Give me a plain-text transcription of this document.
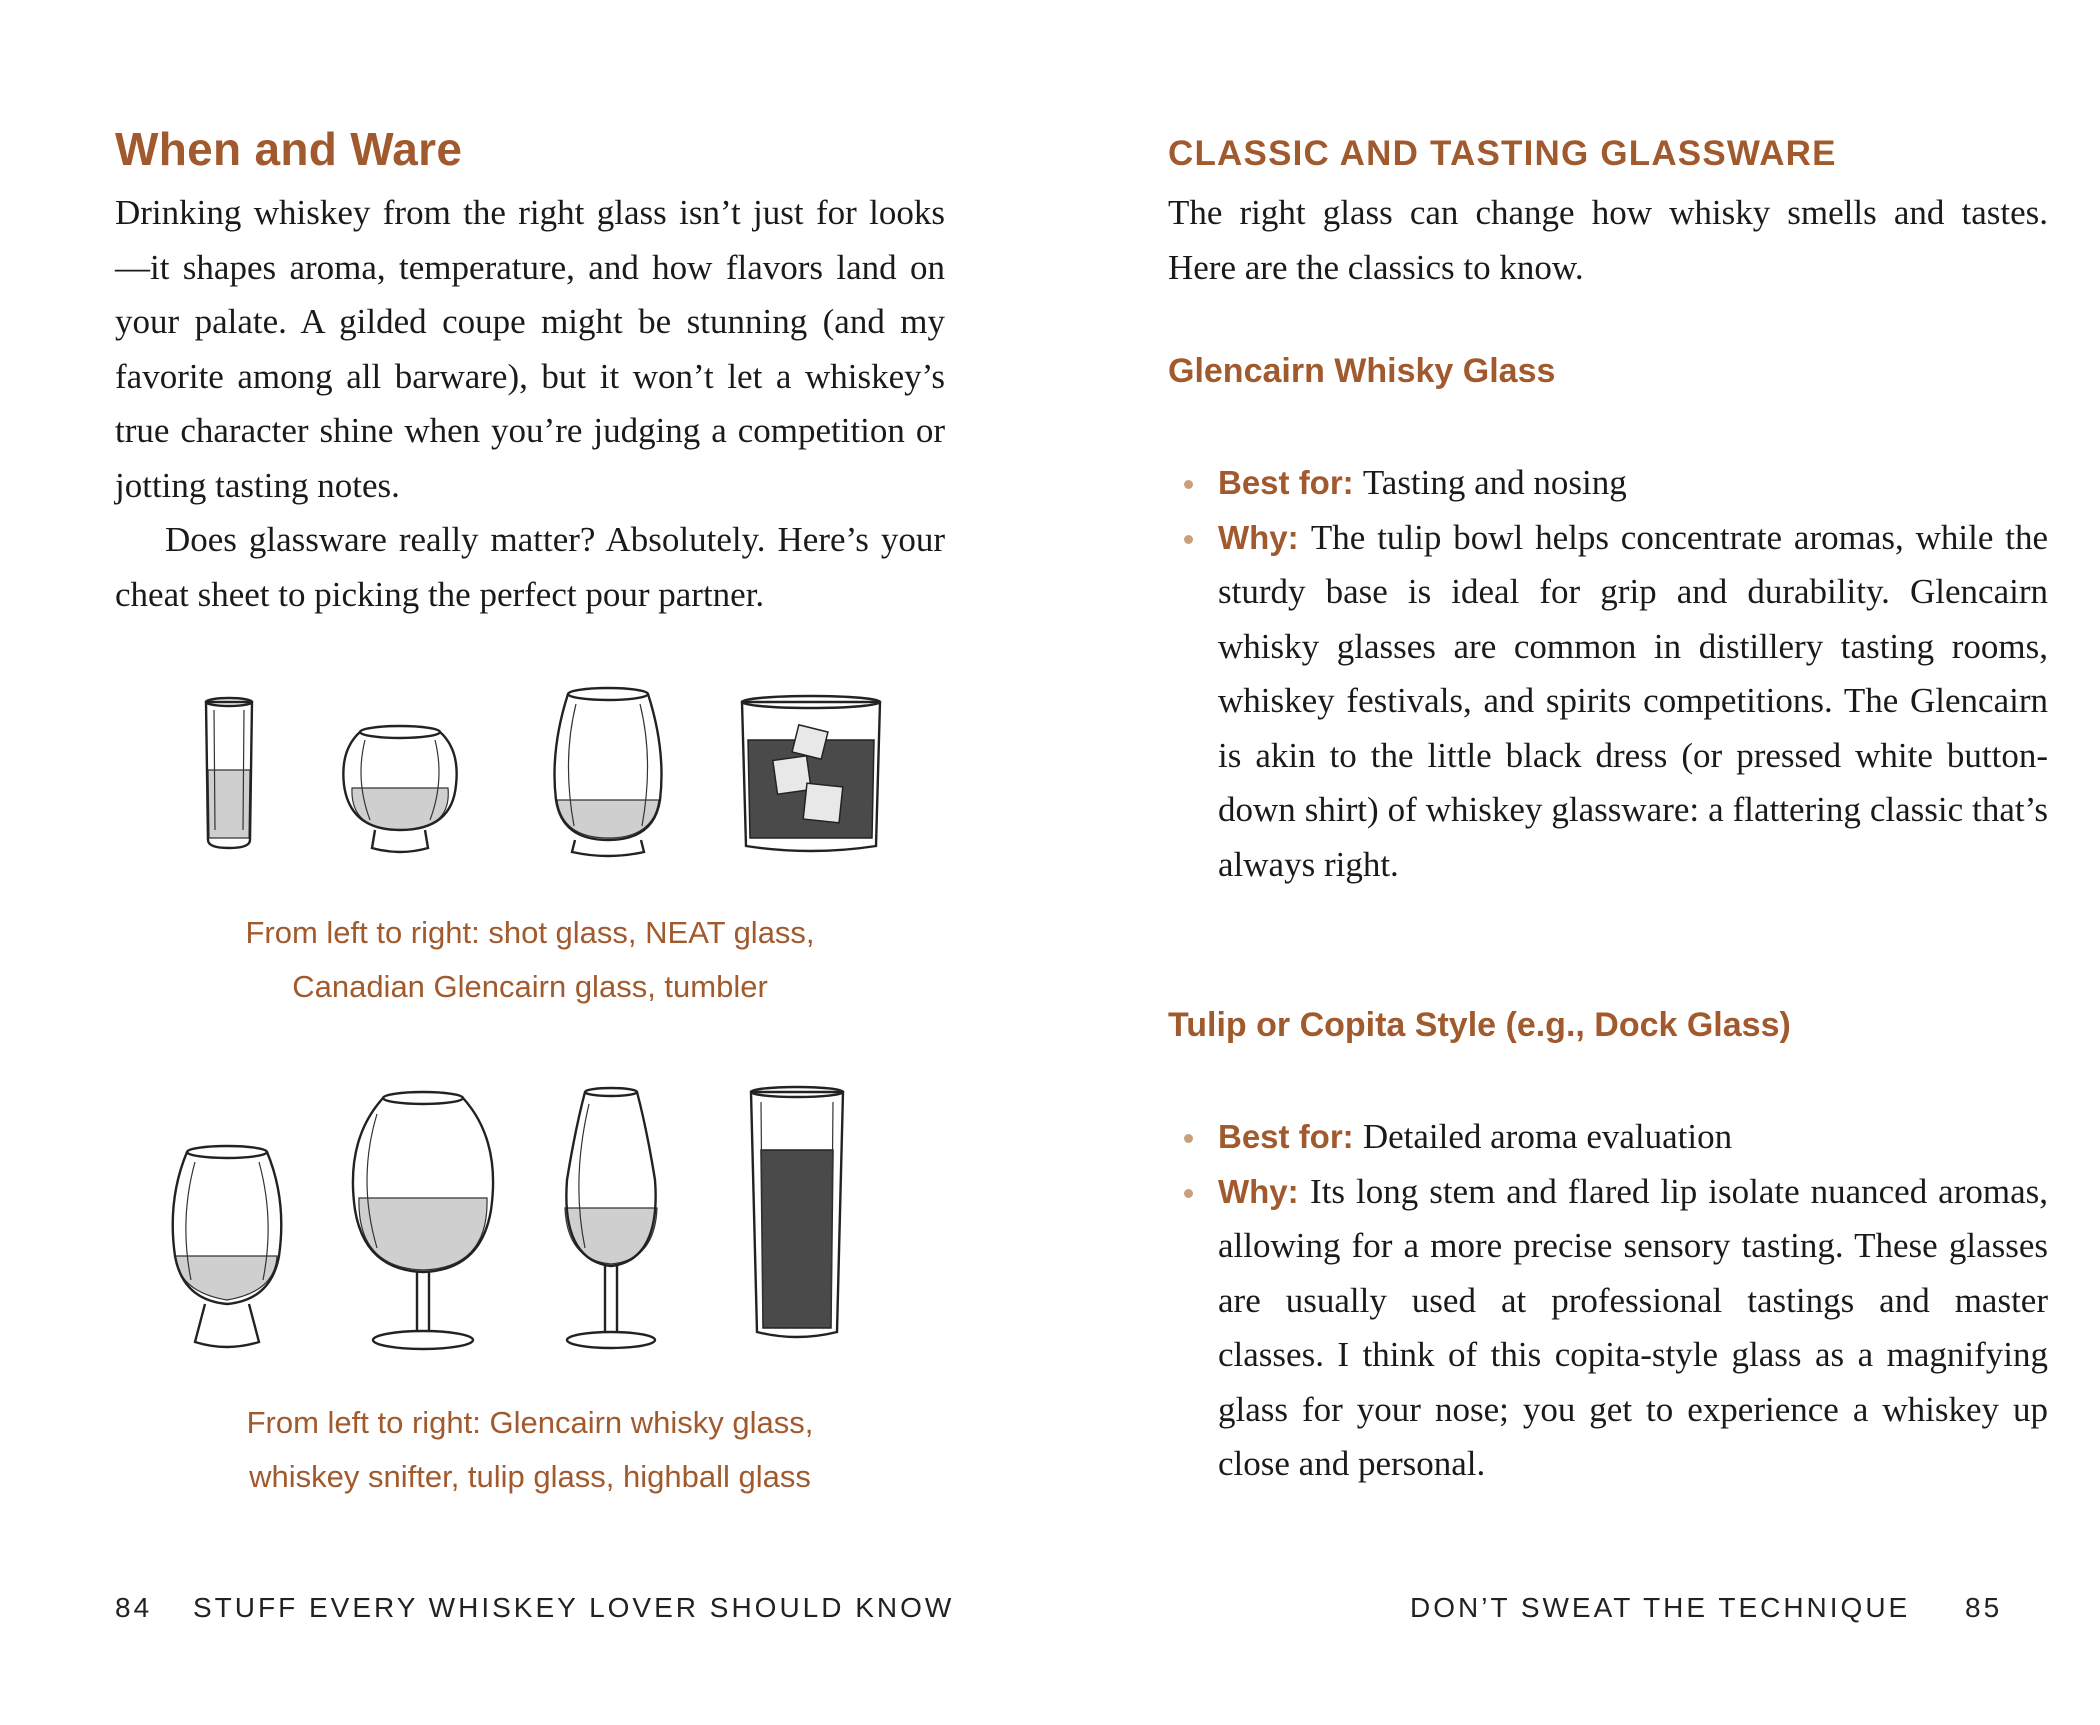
When and Ware

Drinking whiskey from the right glass isn’t just for looks—it shapes aroma, temperature, and how flavors land on your palate. A gilded coupe might be stunning (and my favorite among all barware), but it won’t let a whiskey’s true character shine when you’re judging a competition or jotting tasting notes.

Does glassware really matter? Absolutely. Here’s your cheat sheet to picking the perfect pour partner.

From left to right: shot glass, NEAT glass,
Canadian Glencairn glass, tumbler
From left to right: Glencairn whisky glass,
whiskey snifter, tulip glass, highball glass
84 STUFF EVERY WHISKEY LOVER SHOULD KNOW
CLASSIC AND TASTING GLASSWARE

The right glass can change how whisky smells and tastes. Here are the classics to know.

Glencairn Whisky Glass
Best for: Tasting and nosing
Why: The tulip bowl helps concentrate aromas, while the sturdy base is ideal for grip and durability. Glencairn whisky glasses are common in distillery tasting rooms, whiskey festivals, and spirits competitions. The Glencairn is akin to the little black dress (or pressed white button-down shirt) of whiskey glassware: a flattering classic that’s always right.
Tulip or Copita Style (e.g., Dock Glass)
Best for: Detailed aroma evaluation
Why: Its long stem and flared lip isolate nuanced aromas, allowing for a more precise sensory tasting. These glasses are usually used at professional tastings and master classes. I think of this copita-style glass as a magnifying glass for your nose; you get to experience a whiskey up close and personal.
DON’T SWEAT THE TECHNIQUE 85
